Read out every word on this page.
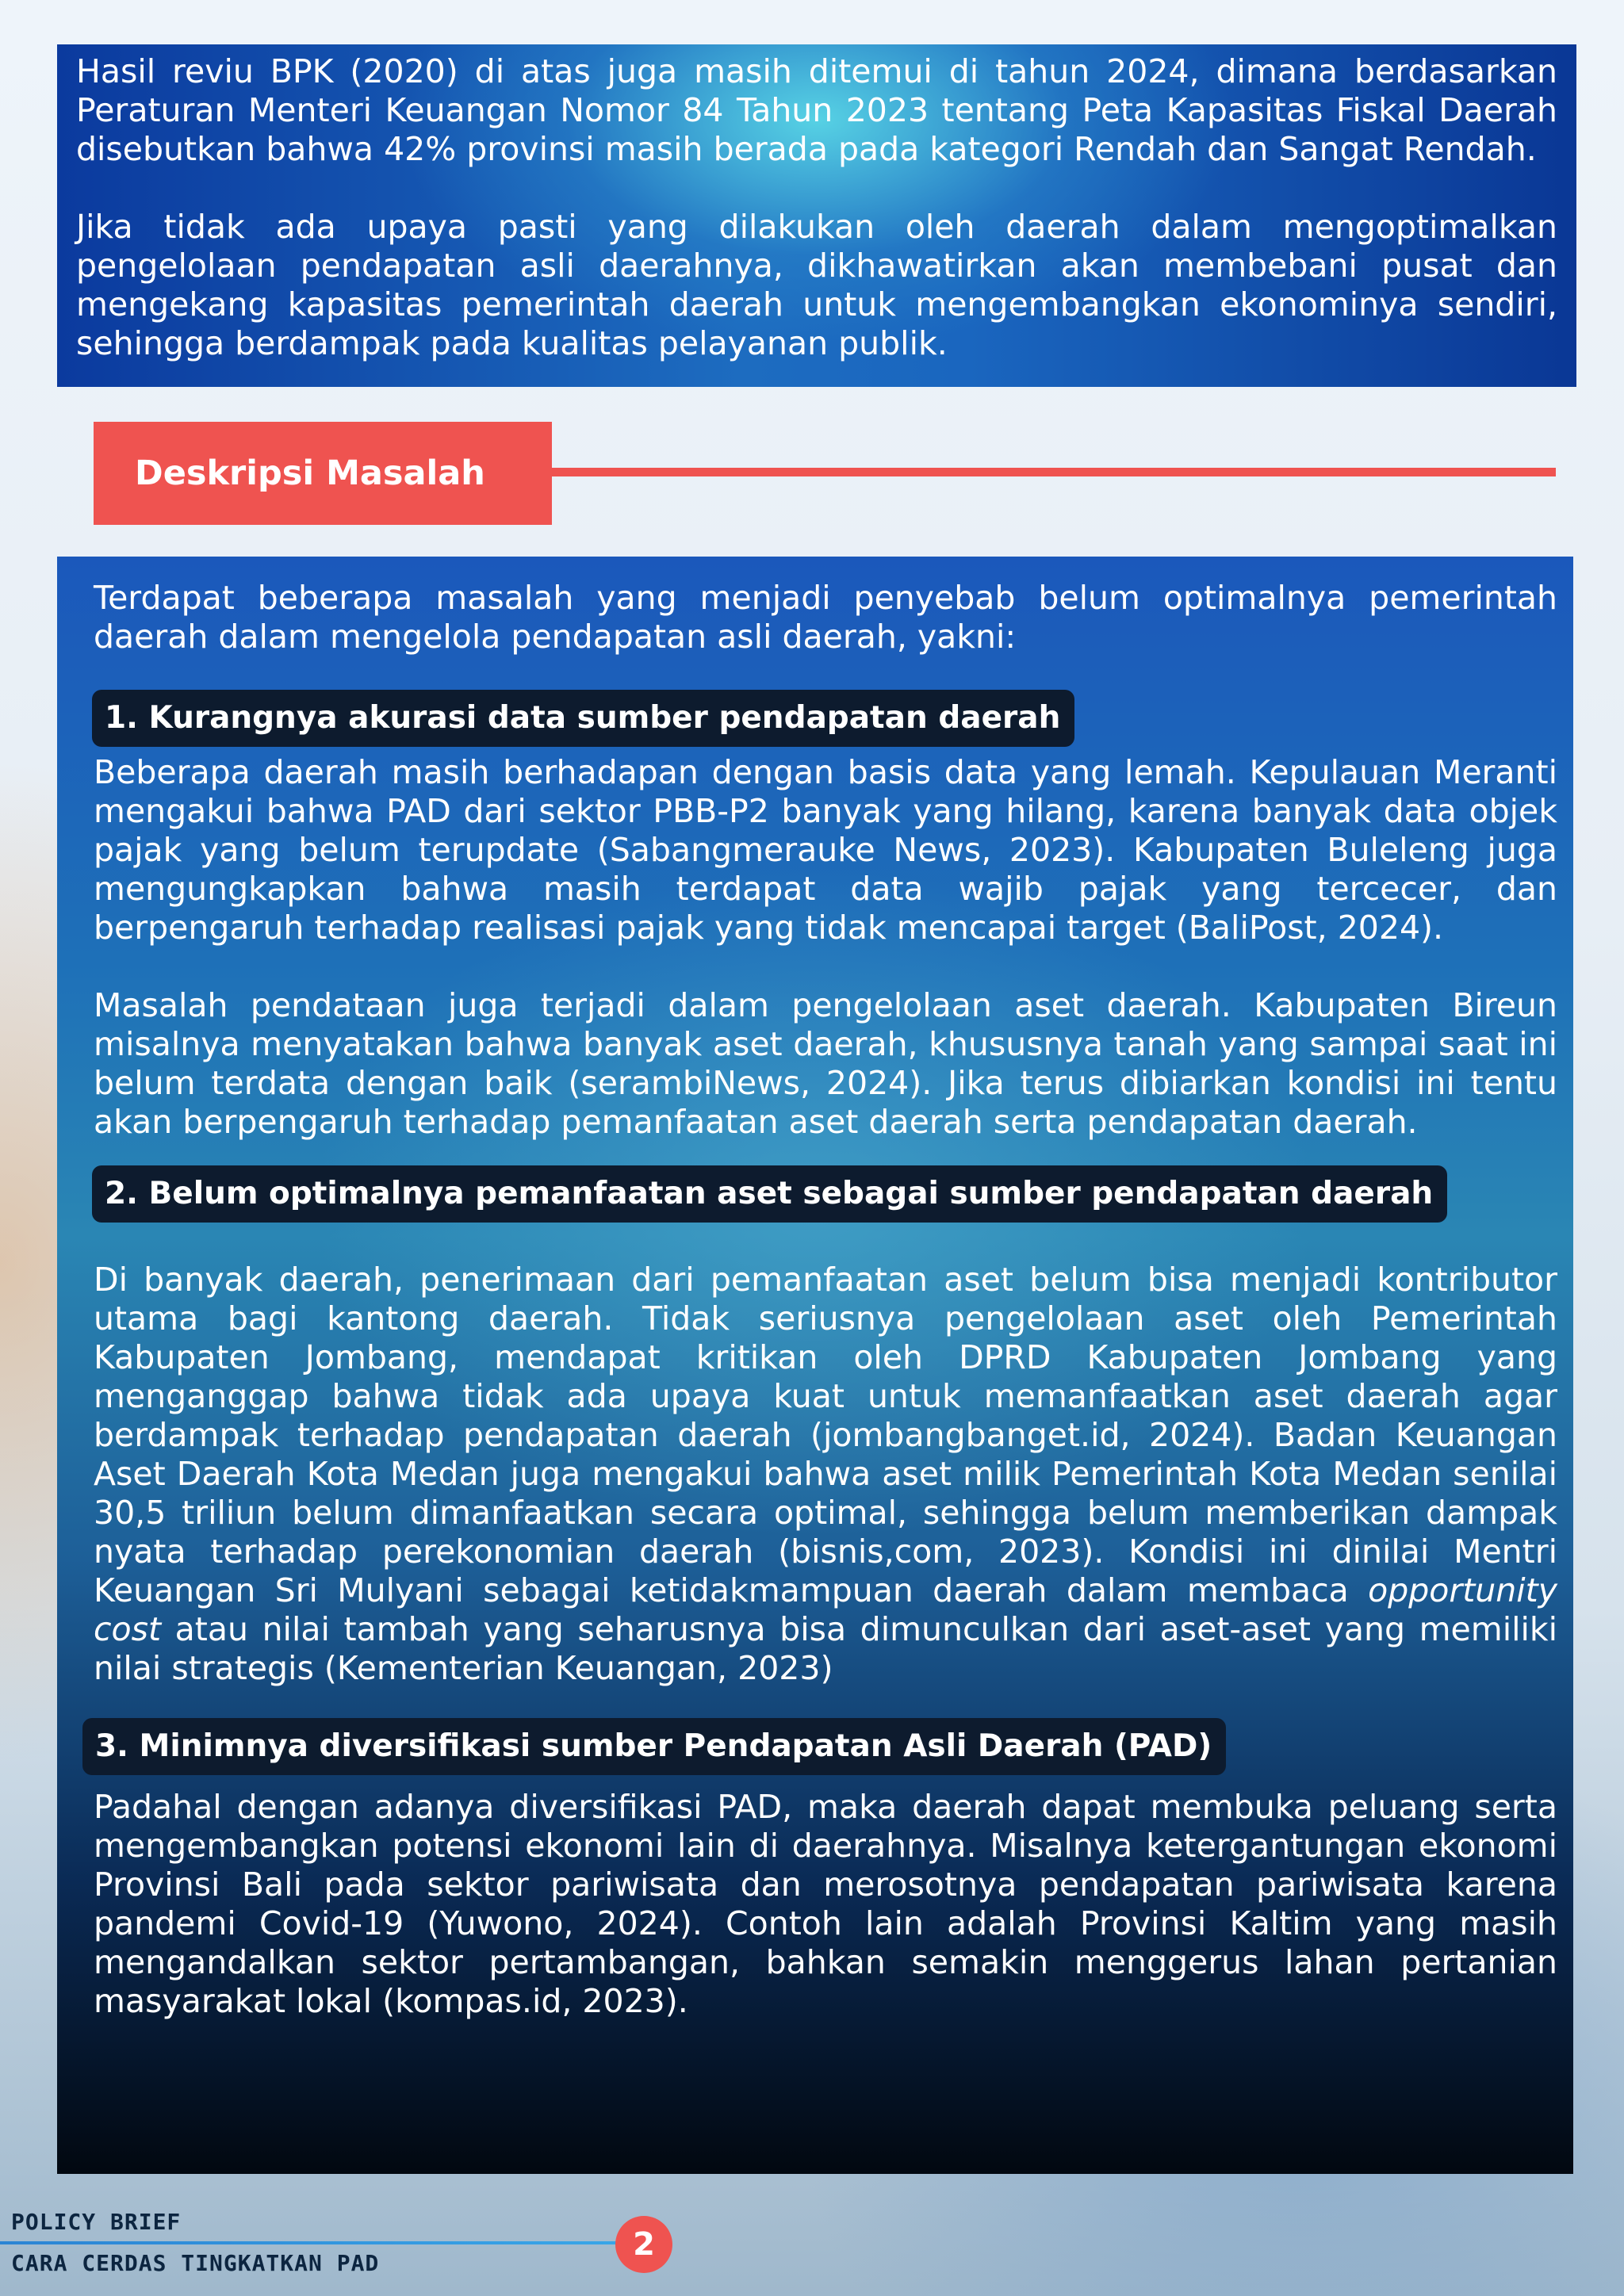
Hasil reviu BPK (2020) di atas juga masih ditemui di tahun 2024, dimana berdasarkan Peraturan Menteri Keuangan Nomor 84 Tahun 2023 tentang Peta Kapasitas Fiskal Daerah disebutkan bahwa 42% provinsi masih berada pada kategori Rendah dan Sangat Rendah.

Jika tidak ada upaya pasti yang dilakukan oleh daerah dalam mengoptimalkan pengelolaan pendapatan asli daerahnya, dikhawatirkan akan membebani pusat dan mengekang kapasitas pemerintah daerah untuk mengembangkan ekonominya sendiri, sehingga berdampak pada kualitas pelayanan publik.

Deskripsi Masalah

Terdapat beberapa masalah yang menjadi penyebab belum optimalnya pemerintah daerah dalam mengelola pendapatan asli daerah, yakni:

1. Kurangnya akurasi data sumber pendapatan daerah

Beberapa daerah masih berhadapan dengan basis data yang lemah. Kepulauan Meranti mengakui bahwa PAD dari sektor PBB-P2 banyak yang hilang, karena banyak data objek pajak yang belum terupdate (Sabangmerauke News, 2023). Kabupaten Buleleng juga mengungkapkan bahwa masih terdapat data wajib pajak yang tercecer, dan berpengaruh terhadap realisasi pajak yang tidak mencapai target (BaliPost, 2024).

Masalah pendataan juga terjadi dalam pengelolaan aset daerah. Kabupaten Bireun misalnya menyatakan bahwa banyak aset daerah, khususnya tanah yang sampai saat ini belum terdata dengan baik (serambiNews, 2024). Jika terus dibiarkan kondisi ini tentu akan berpengaruh terhadap pemanfaatan aset daerah serta pendapatan daerah.

2. Belum optimalnya pemanfaatan aset sebagai sumber pendapatan daerah

Di banyak daerah, penerimaan dari pemanfaatan aset belum bisa menjadi kontributor utama bagi kantong daerah. Tidak seriusnya pengelolaan aset oleh Pemerintah Kabupaten Jombang, mendapat kritikan oleh DPRD Kabupaten Jombang yang menganggap bahwa tidak ada upaya kuat untuk memanfaatkan aset daerah agar berdampak terhadap pendapatan daerah (jombangbanget.id, 2024). Badan Keuangan Aset Daerah Kota Medan juga mengakui bahwa aset milik Pemerintah Kota Medan senilai 30,5 triliun belum dimanfaatkan secara optimal, sehingga belum memberikan dampak nyata terhadap perekonomian daerah (bisnis,com, 2023). Kondisi ini dinilai Mentri Keuangan Sri Mulyani sebagai ketidakmampuan daerah dalam membaca opportunity cost atau nilai tambah yang seharusnya bisa dimunculkan dari aset-aset yang memiliki nilai strategis (Kementerian Keuangan, 2023)

3. Minimnya diversifikasi sumber Pendapatan Asli Daerah (PAD)

Padahal dengan adanya diversifikasi PAD, maka daerah dapat membuka peluang serta mengembangkan potensi ekonomi lain di daerahnya. Misalnya ketergantungan ekonomi Provinsi Bali pada sektor pariwisata dan merosotnya pendapatan pariwisata karena pandemi Covid-19 (Yuwono, 2024). Contoh lain adalah Provinsi Kaltim yang masih mengandalkan sektor pertambangan, bahkan semakin menggerus lahan pertanian masyarakat lokal (kompas.id, 2023).

POLICY BRIEF
CARA CERDAS TINGKATKAN PAD
2
